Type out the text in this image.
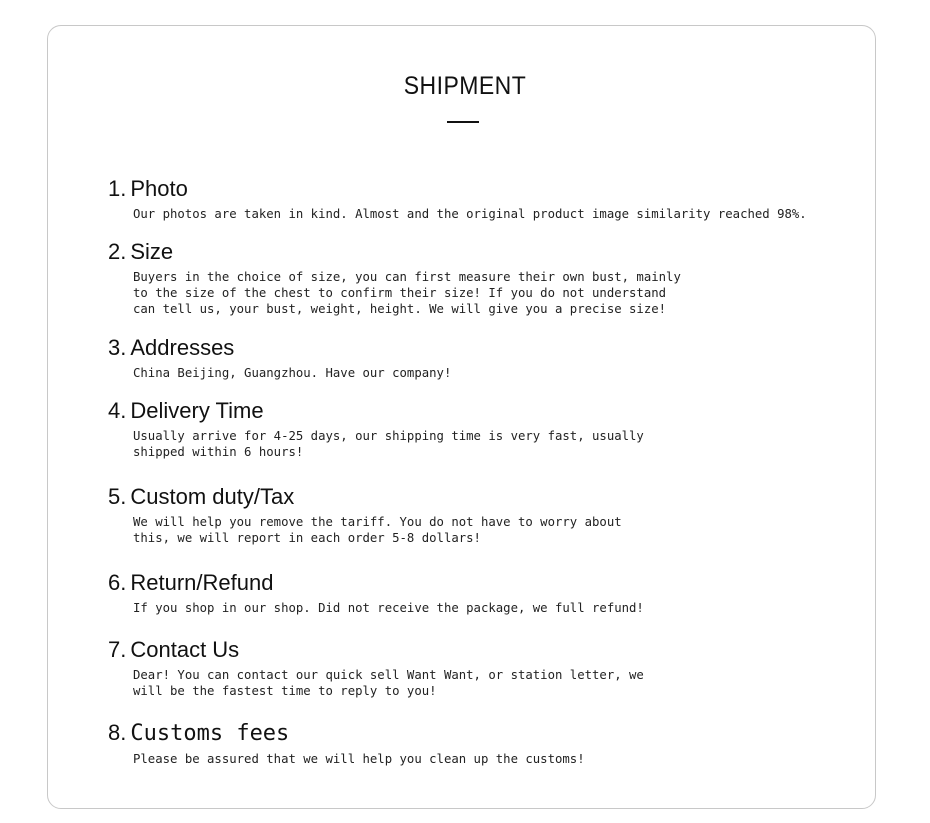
SHIPMENT
1. Photo
Our photos are taken in kind. Almost and the original product image similarity reached 98%.
2. Size
Buyers in the choice of size, you can first measure their own bust, mainly
to the size of the chest to confirm their size! If you do not understand
can tell us, your bust, weight, height. We will give you a precise size!
3. Addresses
China Beijing, Guangzhou. Have our company!
4. Delivery Time
Usually arrive for 4-25 days, our shipping time is very fast, usually
shipped within 6 hours!
5. Custom duty/Tax
We will help you remove the tariff. You do not have to worry about
this, we will report in each order 5-8 dollars!
6. Return/Refund
If you shop in our shop. Did not receive the package, we full refund!
7. Contact Us
Dear! You can contact our quick sell Want Want, or station letter, we
will be the fastest time to reply to you!
8. Customs fees
Please be assured that we will help you clean up the customs!
